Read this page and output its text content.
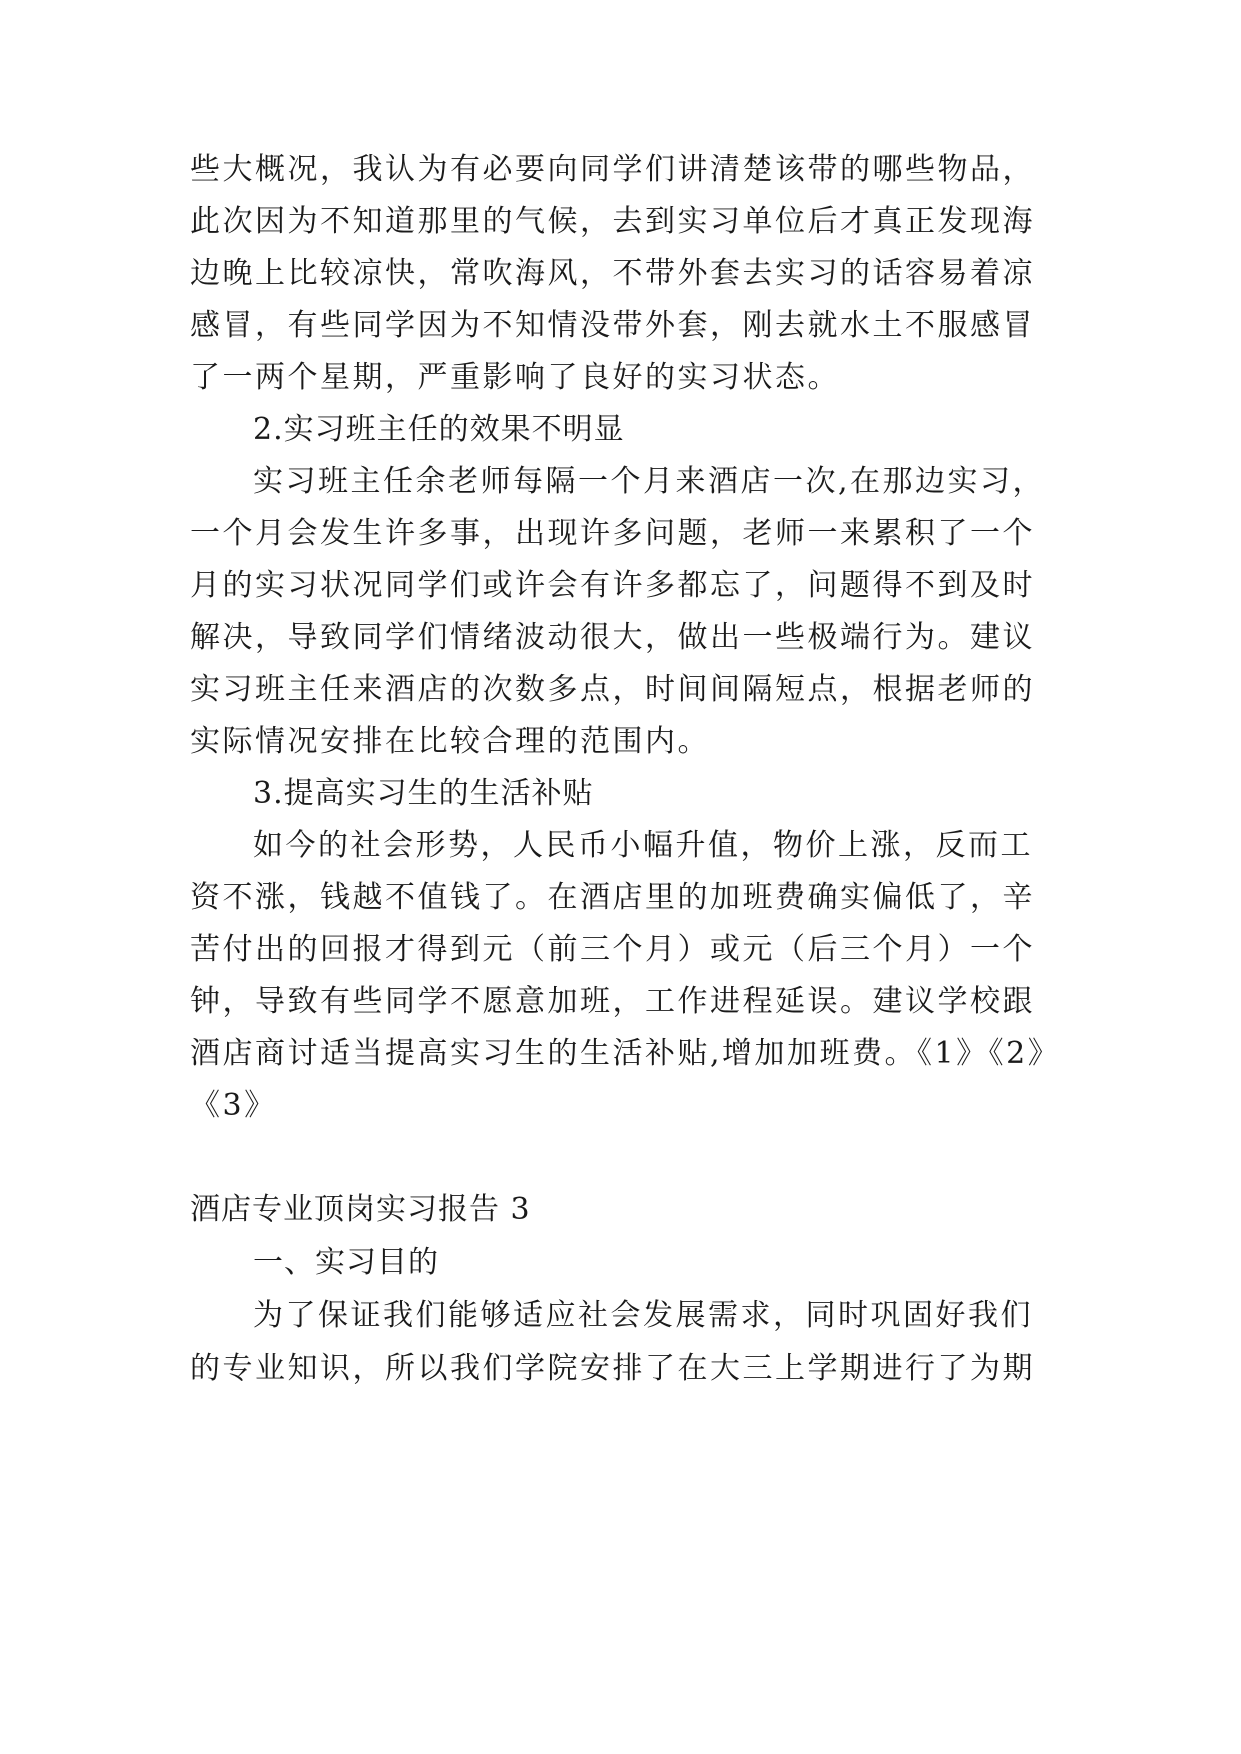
些大概况，我认为有必要向同学们讲清楚该带的哪些物品，
此次因为不知道那里的气候，去到实习单位后才真正发现海
边晚上比较凉快，常吹海风，不带外套去实习的话容易着凉
感冒，有些同学因为不知情没带外套，刚去就水土不服感冒
了一两个星期，严重影响了良好的实习状态。
2.实习班主任的效果不明显
实习班主任余老师每隔一个月来酒店一次,在那边实习，
一个月会发生许多事，出现许多问题，老师一来累积了一个
月的实习状况同学们或许会有许多都忘了，问题得不到及时
解决，导致同学们情绪波动很大，做出一些极端行为。建议
实习班主任来酒店的次数多点，时间间隔短点，根据老师的
实际情况安排在比较合理的范围内。
3.提高实习生的生活补贴
如今的社会形势，人民币小幅升值，物价上涨，反而工
资不涨，钱越不值钱了。在酒店里的加班费确实偏低了，辛
苦付出的回报才得到元（前三个月）或元（后三个月）一个
钟，导致有些同学不愿意加班，工作进程延误。建议学校跟
酒店商讨适当提高实习生的生活补贴,增加加班费。《1》《2》
《3》
酒店专业顶岗实习报告 3
一、实习目的
为了保证我们能够适应社会发展需求，同时巩固好我们
的专业知识，所以我们学院安排了在大三上学期进行了为期
